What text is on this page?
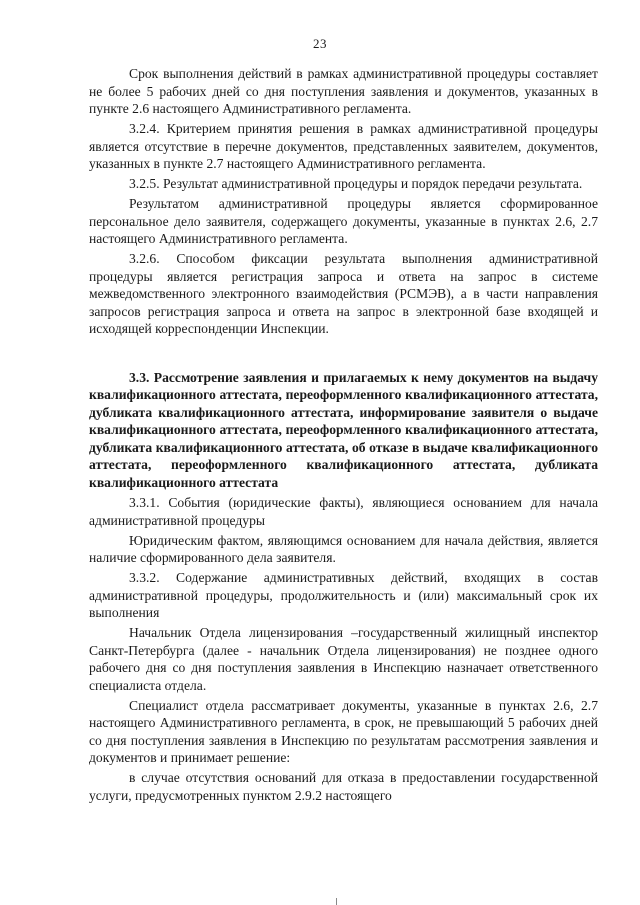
23

Срок выполнения действий в рамках административной процедуры составляет не более 5 рабочих дней со дня поступления заявления и документов, указанных в пункте 2.6 настоящего Административного регламента.

3.2.4. Критерием принятия решения в рамках административной процедуры является отсутствие в перечне документов, представленных заявителем, документов, указанных в пункте 2.7 настоящего Административного регламента.

3.2.5. Результат административной процедуры и порядок передачи результата.

Результатом административной процедуры является сформированное персональное дело заявителя, содержащего документы, указанные в пунктах 2.6, 2.7 настоящего Административного регламента.

3.2.6. Способом фиксации результата выполнения административной процедуры является регистрация запроса и ответа на запрос в системе межведомственного электронного взаимодействия (РСМЭВ), а в части направления запросов регистрация запроса и ответа на запрос в электронной базе входящей и исходящей корреспонденции Инспекции.

3.3. Рассмотрение заявления и прилагаемых к нему документов на выдачу квалификационного аттестата, переоформленного квалификационного аттестата, дубликата квалификационного аттестата, информирование заявителя о выдаче квалификационного аттестата, переоформленного квалификационного аттестата, дубликата квалификационного аттестата, об отказе в выдаче квалификационного аттестата, переоформленного квалификационного аттестата, дубликата квалификационного аттестата

3.3.1. События (юридические факты), являющиеся основанием для начала административной процедуры

Юридическим фактом, являющимся основанием для начала действия, является наличие сформированного дела заявителя.

3.3.2. Содержание административных действий, входящих в состав административной процедуры, продолжительность и (или) максимальный срок их выполнения

Начальник Отдела лицензирования –государственный жилищный инспектор Санкт-Петербурга (далее - начальник Отдела лицензирования) не позднее одного рабочего дня со дня поступления заявления в Инспекцию назначает ответственного специалиста отдела.

Специалист отдела рассматривает документы, указанные в пунктах 2.6, 2.7 настоящего Административного регламента, в срок, не превышающий 5 рабочих дней со дня поступления заявления в Инспекцию по результатам рассмотрения заявления и документов и принимает решение:

в случае отсутствия оснований для отказа в предоставлении государственной услуги, предусмотренных пунктом 2.9.2 настоящего
